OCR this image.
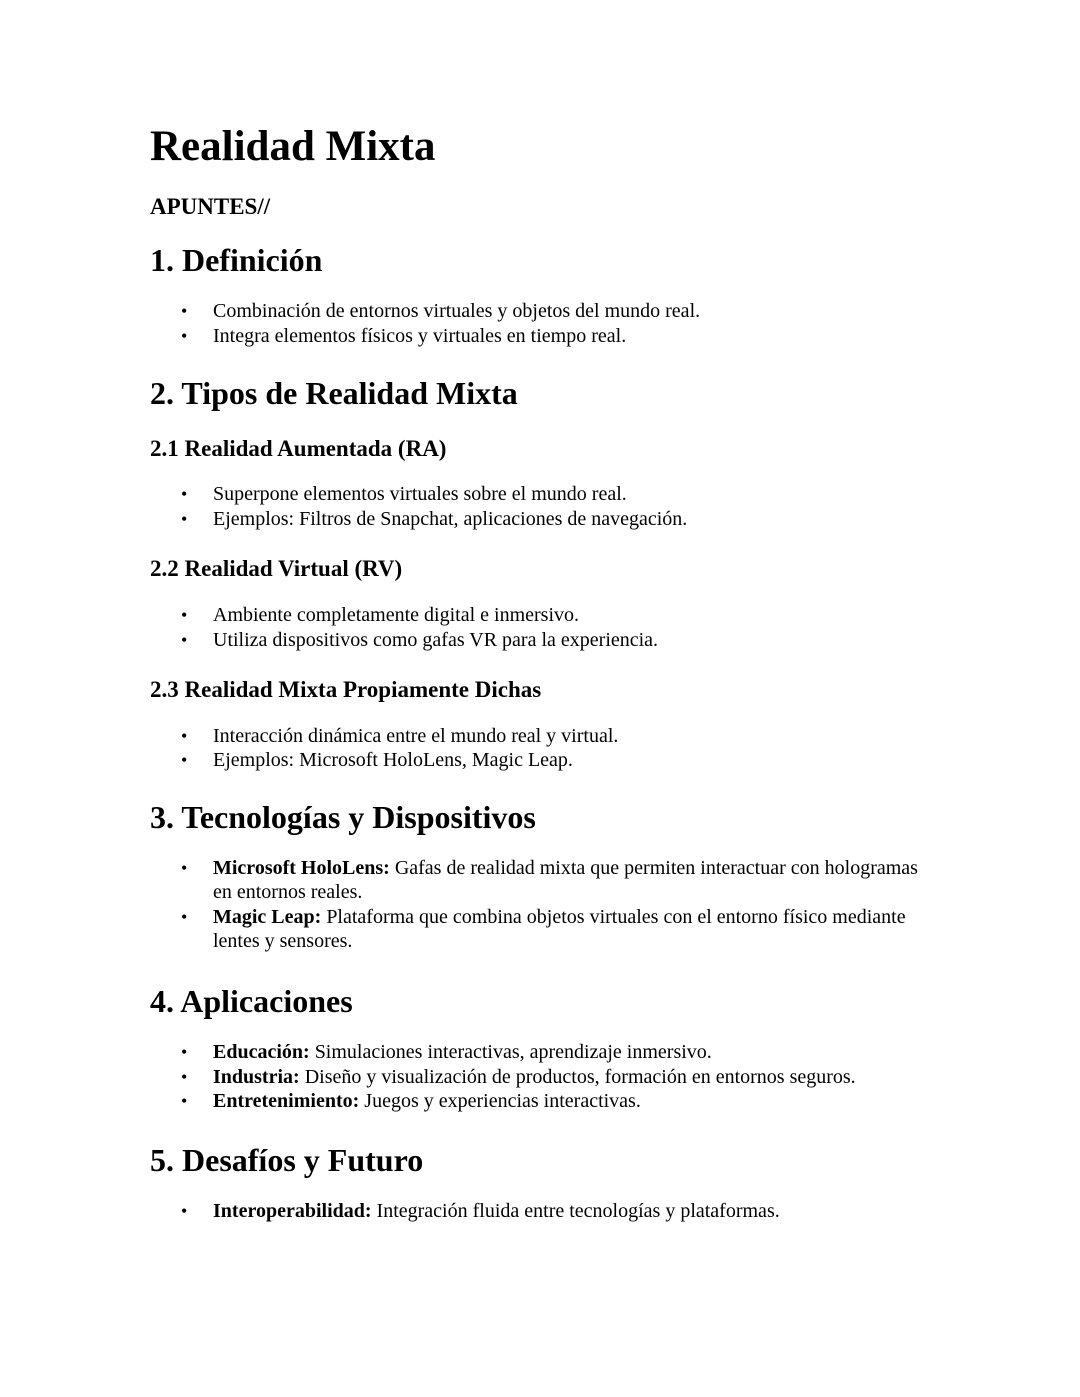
Realidad Mixta
APUNTES//
1. Definición
• Combinación de entornos virtuales y objetos del mundo real.
• Integra elementos físicos y virtuales en tiempo real.
2. Tipos de Realidad Mixta
2.1 Realidad Aumentada (RA)
• Superpone elementos virtuales sobre el mundo real.
• Ejemplos: Filtros de Snapchat, aplicaciones de navegación.
2.2 Realidad Virtual (RV)
• Ambiente completamente digital e inmersivo.
• Utiliza dispositivos como gafas VR para la experiencia.
2.3 Realidad Mixta Propiamente Dichas
• Interacción dinámica entre el mundo real y virtual.
• Ejemplos: Microsoft HoloLens, Magic Leap.
3. Tecnologías y Dispositivos
• Microsoft HoloLens: Gafas de realidad mixta que permiten interactuar con hologramas en entornos reales.
• Magic Leap: Plataforma que combina objetos virtuales con el entorno físico mediante lentes y sensores.
4. Aplicaciones
• Educación: Simulaciones interactivas, aprendizaje inmersivo.
• Industria: Diseño y visualización de productos, formación en entornos seguros.
• Entretenimiento: Juegos y experiencias interactivas.
5. Desafíos y Futuro
• Interoperabilidad: Integración fluida entre tecnologías y plataformas.
